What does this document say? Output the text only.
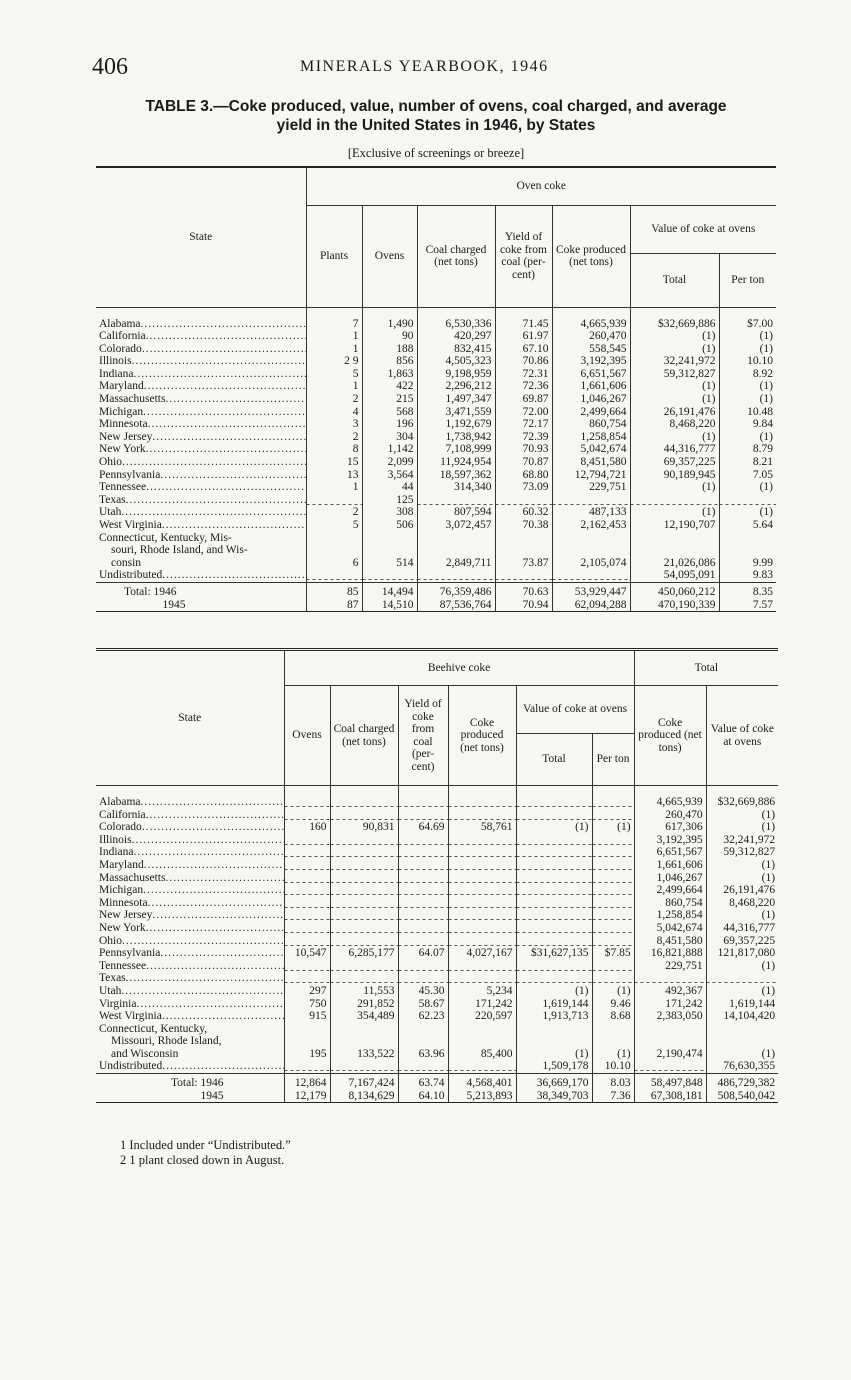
406	MINERALS YEARBOOK, 1946
TABLE 3.—Coke produced, value, number of ovens, coal charged, and average
yield in the United States in 1946, by States
[Exclusive of screenings or breeze]
State	Oven coke						
	Plants	Ovens	Coal charged (net tons)	Yield of coke from coal (per-cent)	Coke produced (net tons)	Value of coke at ovens	
						Total	Per ton

Alabama .....	7	1,490	6,530,336	71.45	4,665,939	$32,669,886	$7.00
California .....	1	90	420,297	61.97	260,470	(1)	(1)
Colorado .....	1	188	832,415	67.10	558,545	(1)	(1)
Illinois .....	2 9	856	4,505,323	70.86	3,192,395	32,241,972	10.10
Indiana .....	5	1,863	9,198,959	72.31	6,651,567	59,312,827	8.92
Maryland .....	1	422	2,296,212	72.36	1,661,606	(1)	(1)
Massachusetts .....	2	215	1,497,347	69.87	1,046,267	(1)	(1)
Michigan .....	4	568	3,471,559	72.00	2,499,664	26,191,476	10.48
Minnesota .....	3	196	1,192,679	72.17	860,754	8,468,220	9.84
New Jersey .....	2	304	1,738,942	72.39	1,258,854	(1)	(1)
New York .....	8	1,142	7,108,999	70.93	5,042,674	44,316,777	8.79
Ohio .....	15	2,099	11,924,954	70.87	8,451,580	69,357,225	8.21
Pennsylvania .....	13	3,564	18,597,362	68.80	12,794,721	90,189,945	7.05
Tennessee .....	1	44	314,340	73.09	229,751	(1)	(1)
Texas .....		125					
Utah .....	2	308	807,594	60.32	487,133	(1)	(1)
West Virginia .....	5	506	3,072,457	70.38	2,162,453	12,190,707	5.64

Connecticut, Kentucky, Mis-
souri, Rhode Island, and Wis-
consin	6	514	2,849,711	73.87	2,105,074	21,026,086	9.99
Undistributed .....						54,095,091	9.83
Total: 1946	85	14,494	76,359,486	70.63	53,929,447	450,060,212	8.35
1945	87	14,510	87,536,764	70.94	62,094,288	470,190,339	7.57
State	Beehive coke						Total	
	Ovens	Coal charged (net tons)	Yield of coke from coal (per-cent)	Coke produced (net tons)	Value of coke at ovens		Coke produced (net tons)	Value of coke at ovens
					Total	Per ton		

Alabama .....							4,665,939	$32,669,886
California .....							260,470	(1)
Colorado .....	160	90,831	64.69	58,761	(1)	(1)	617,306	(1)
Illinois .....							3,192,395	32,241,972
Indiana .....							6,651,567	59,312,827
Maryland .....							1,661,606	(1)
Massachusetts .....							1,046,267	(1)
Michigan .....							2,499,664	26,191,476
Minnesota .....							860,754	8,468,220
New Jersey .....							1,258,854	(1)
New York .....							5,042,674	44,316,777
Ohio .....							8,451,580	69,357,225
Pennsylvania .....	10,547	6,285,177	64.07	4,027,167	$31,627,135	$7.85	16,821,888	121,817,080
Tennessee .....							229,751	(1)
Texas .....								
Utah .....	297	11,553	45.30	5,234	(1)	(1)	492,367	(1)
Virginia .....	750	291,852	58.67	171,242	1,619,144	9.46	171,242	1,619,144
West Virginia .....	915	354,489	62.23	220,597	1,913,713	8.68	2,383,050	14,104,420

Connecticut, Kentucky,
Missouri, Rhode Island,
and Wisconsin	195	133,522	63.96	85,400	(1)	(1)	2,190,474	(1)
Undistributed .....					1,509,178	10.10		76,630,355
Total: 1946	12,864	7,167,424	63.74	4,568,401	36,669,170	8.03	58,497,848	486,729,382
1945	12,179	8,134,629	64.10	5,213,893	38,349,703	7.36	67,308,181	508,540,042
1 Included under “Undistributed.”
2 1 plant closed down in August.
